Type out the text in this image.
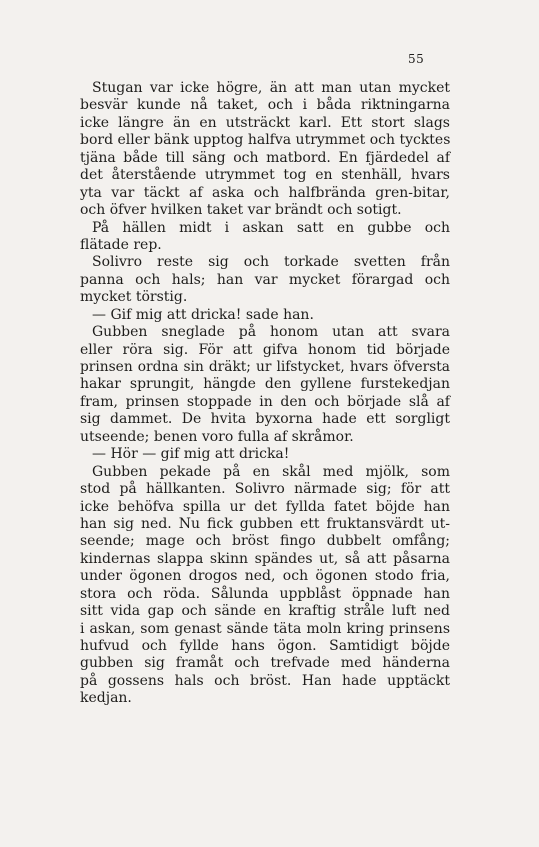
55
Stugan var icke högre, än att man utan mycket
besvär kunde nå taket, och i båda riktningarna
icke längre än en utsträckt karl. Ett stort slags
bord eller bänk upptog halfva utrymmet och tycktes
tjäna både till säng och matbord. En fjärdedel af
det återstående utrymmet tog en stenhäll, hvars
yta var täckt af aska och halfbrända gren-bitar,
och öfver hvilken taket var brändt och sotigt.
På hällen midt i askan satt en gubbe och
flätade rep.
Solivro reste sig och torkade svetten från
panna och hals; han var mycket förargad och
mycket törstig.
— Gif mig att dricka! sade han.
Gubben sneglade på honom utan att svara
eller röra sig. För att gifva honom tid började
prinsen ordna sin dräkt; ur lifstycket, hvars öfversta
hakar sprungit, hängde den gyllene furstekedjan
fram, prinsen stoppade in den och började slå af
sig dammet. De hvita byxorna hade ett sorgligt
utseende; benen voro fulla af skråmor.
— Hör — gif mig att dricka!
Gubben pekade på en skål med mjölk, som
stod på hällkanten. Solivro närmade sig; för att
icke behöfva spilla ur det fyllda fatet böjde han
han sig ned. Nu fick gubben ett fruktansvärdt ut-
seende; mage och bröst fingo dubbelt omfång;
kindernas slappa skinn spändes ut, så att påsarna
under ögonen drogos ned, och ögonen stodo fria,
stora och röda. Sålunda uppblåst öppnade han
sitt vida gap och sände en kraftig stråle luft ned
i askan, som genast sände täta moln kring prinsens
hufvud och fyllde hans ögon. Samtidigt böjde
gubben sig framåt och trefvade med händerna
på gossens hals och bröst. Han hade upptäckt
kedjan.
